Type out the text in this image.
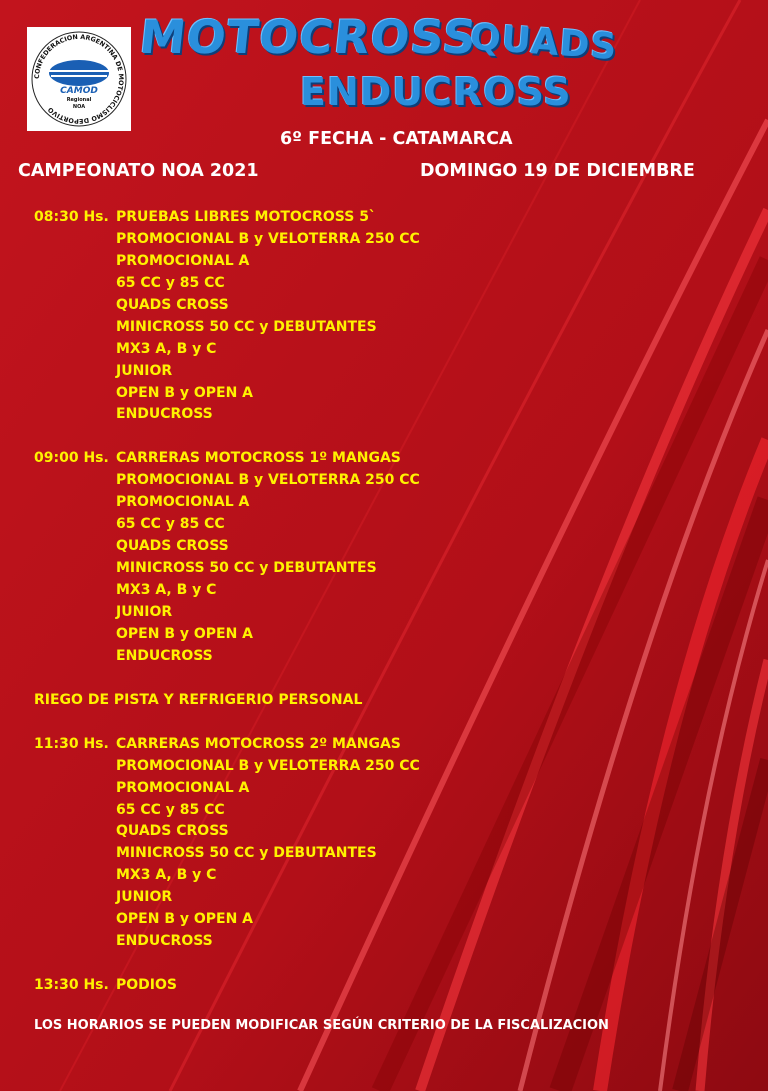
CONFEDERACION ARGENTINA DE MOTOCICLISMO DEPORTIVO
CAMOD
Regional
NOA
MOTOCROSS
QUADS
ENDUCROSS
6º FECHA - CATAMARCA
CAMPEONATO NOA 2021	DOMINGO 19 DE DICIEMBRE
08:30 Hs. PRUEBAS LIBRES MOTOCROSS 5`
PROMOCIONAL B y VELOTERRA 250 CC
PROMOCIONAL A
65 CC y 85 CC
QUADS CROSS
MINICROSS 50 CC y DEBUTANTES
MX3 A, B y C
JUNIOR
OPEN B y OPEN A
ENDUCROSS
09:00 Hs. CARRERAS MOTOCROSS 1º MANGAS
PROMOCIONAL B y VELOTERRA 250 CC
PROMOCIONAL A
65 CC y 85 CC
QUADS CROSS
MINICROSS 50 CC y DEBUTANTES
MX3 A, B y C
JUNIOR
OPEN B y OPEN A
ENDUCROSS
RIEGO DE PISTA Y REFRIGERIO PERSONAL
11:30 Hs. CARRERAS MOTOCROSS 2º MANGAS
PROMOCIONAL B y VELOTERRA 250 CC
PROMOCIONAL A
65 CC y 85 CC
QUADS CROSS
MINICROSS 50 CC y DEBUTANTES
MX3 A, B y C
JUNIOR
OPEN B y OPEN A
ENDUCROSS
13:30 Hs. PODIOS
LOS HORARIOS SE PUEDEN MODIFICAR SEGÚN CRITERIO DE LA FISCALIZACION
